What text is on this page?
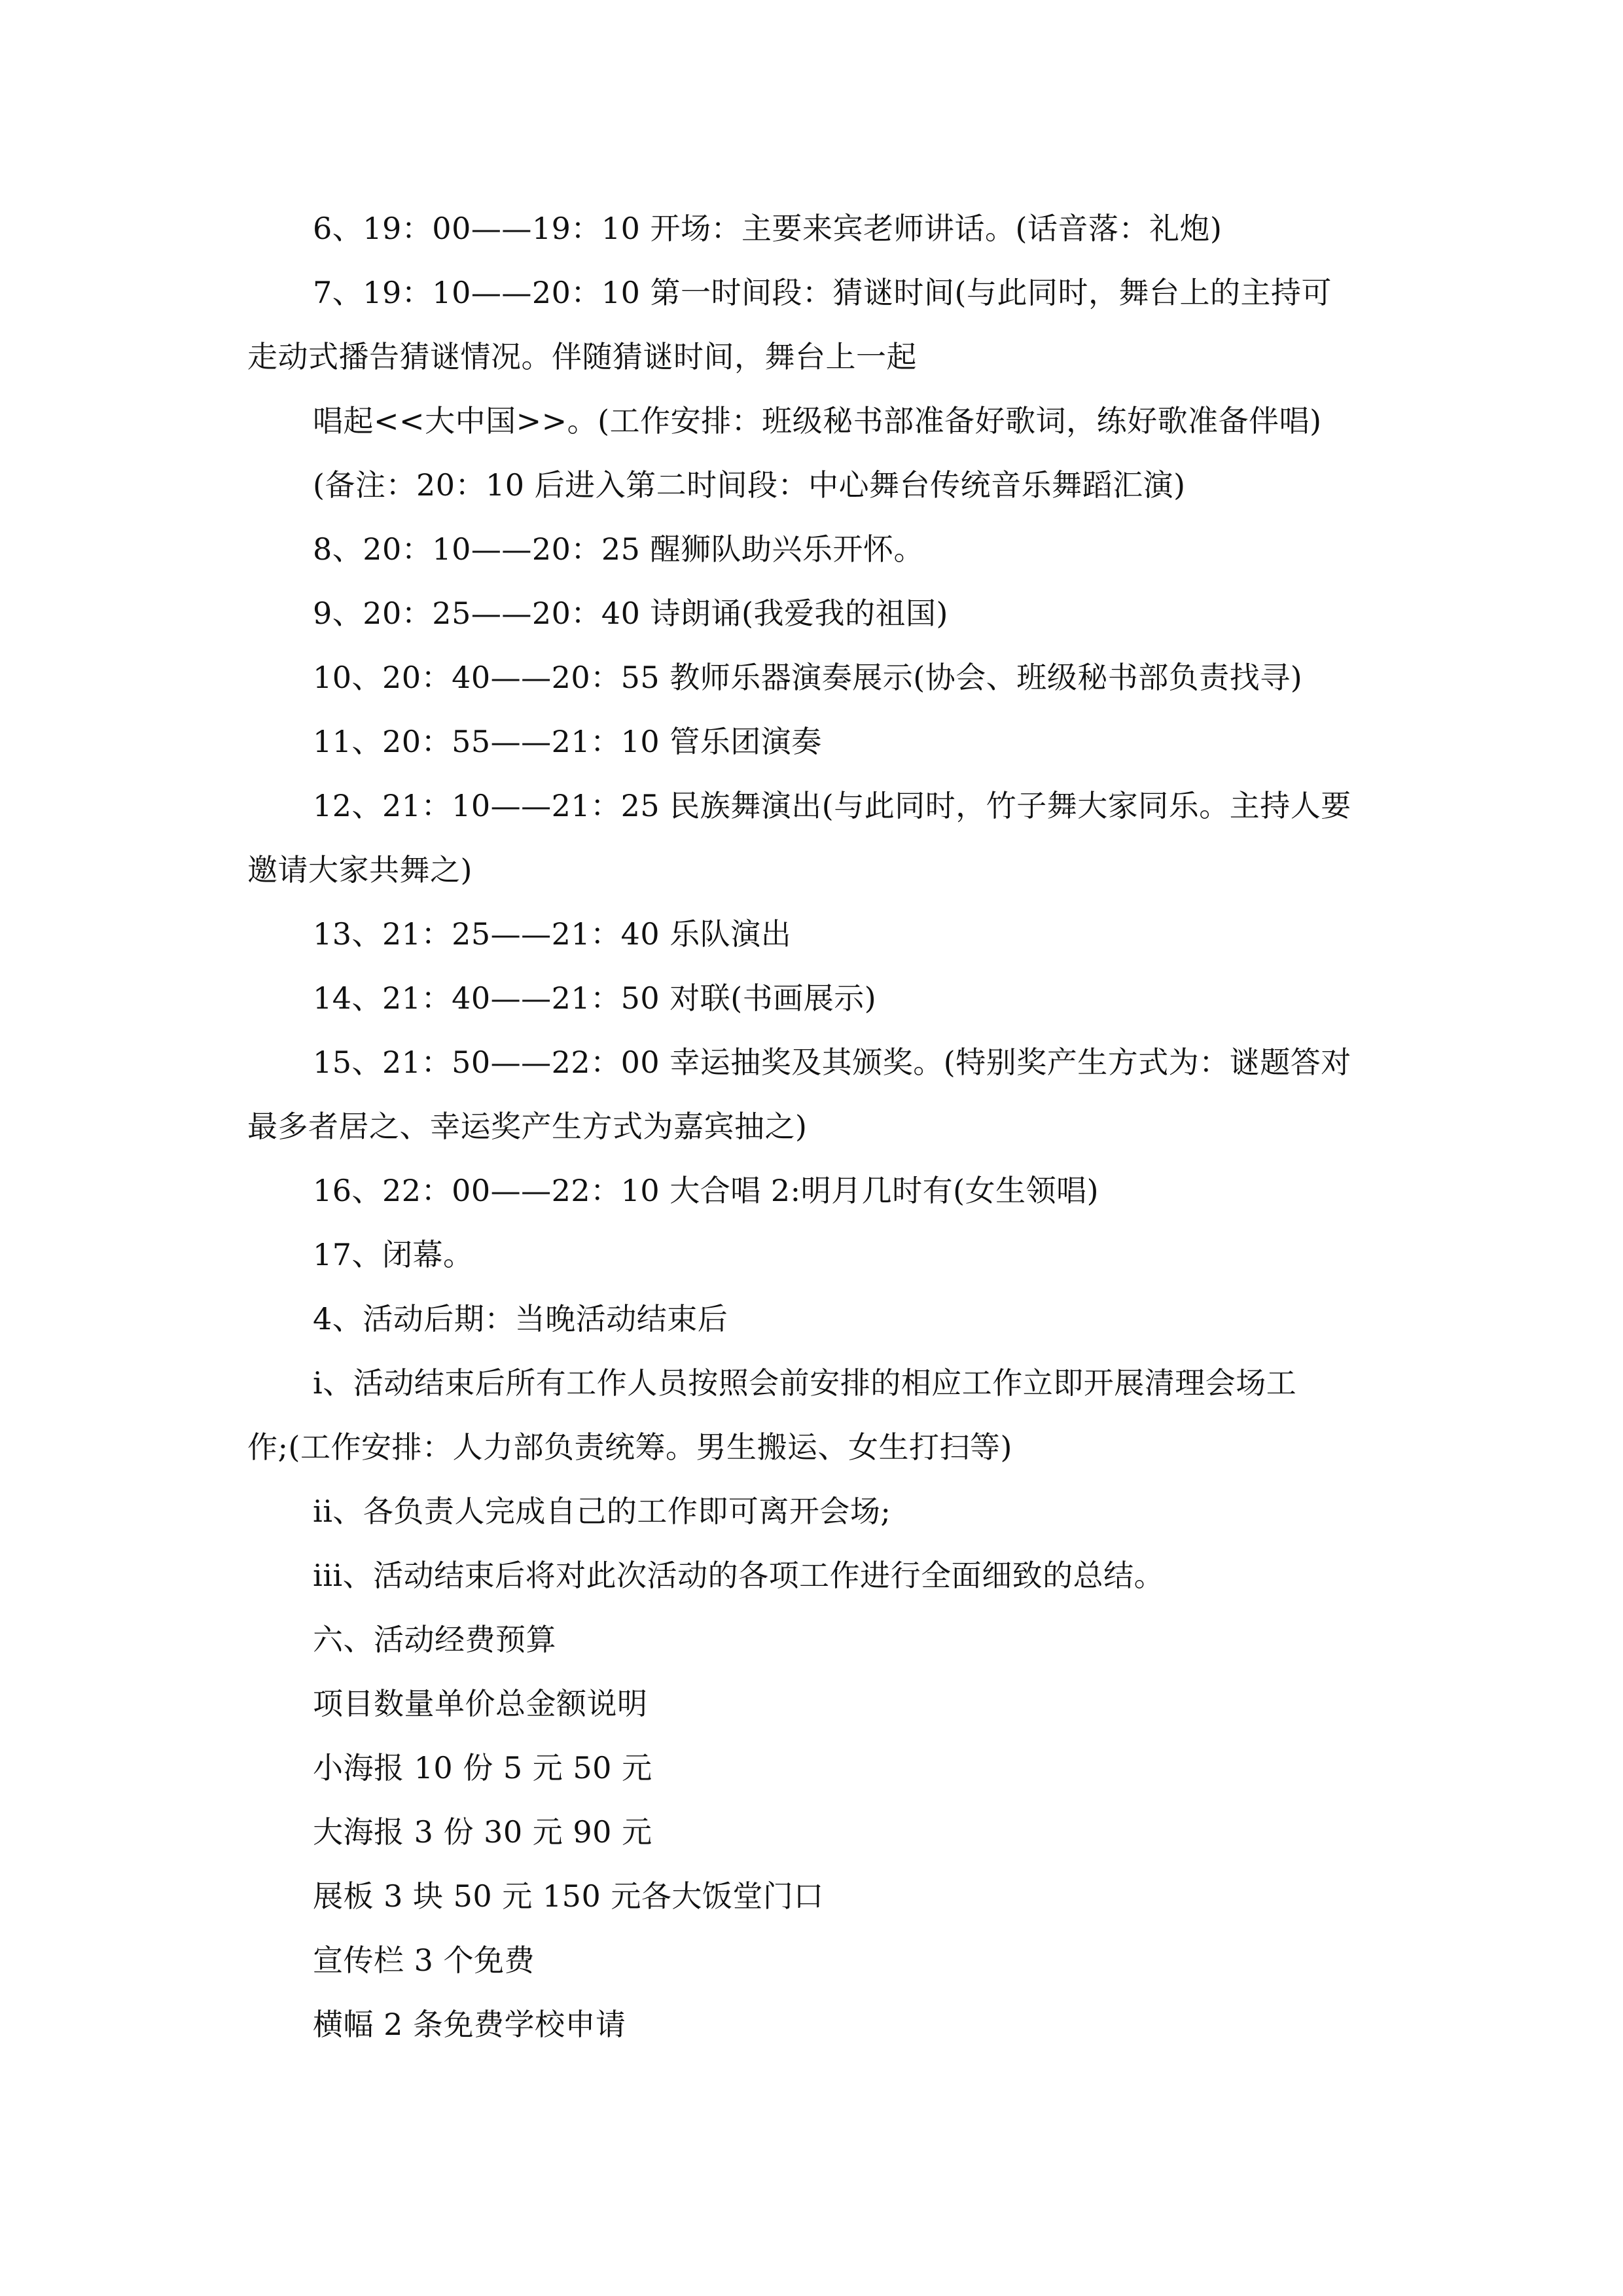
6、19：00——19：10 开场：主要来宾老师讲话。(话音落：礼炮)
7、19：10——20：10 第一时间段：猜谜时间(与此同时，舞台上的主持可
走动式播告猜谜情况。伴随猜谜时间，舞台上一起
唱起<<大中国>>。(工作安排：班级秘书部准备好歌词，练好歌准备伴唱)
(备注：20：10 后进入第二时间段：中心舞台传统音乐舞蹈汇演)
8、20：10——20：25 醒狮队助兴乐开怀。
9、20：25——20：40 诗朗诵(我爱我的祖国)
10、20：40——20：55 教师乐器演奏展示(协会、班级秘书部负责找寻)
11、20：55——21：10 管乐团演奏
12、21：10——21：25 民族舞演出(与此同时，竹子舞大家同乐。主持人要
邀请大家共舞之)
13、21：25——21：40 乐队演出
14、21：40——21：50 对联(书画展示)
15、21：50——22：00 幸运抽奖及其颁奖。(特别奖产生方式为：谜题答对
最多者居之、幸运奖产生方式为嘉宾抽之)
16、22：00——22：10 大合唱 2:明月几时有(女生领唱)
17、闭幕。
4、活动后期：当晚活动结束后
i、活动结束后所有工作人员按照会前安排的相应工作立即开展清理会场工
作;(工作安排：人力部负责统筹。男生搬运、女生打扫等)
ii、各负责人完成自己的工作即可离开会场;
iii、活动结束后将对此次活动的各项工作进行全面细致的总结。
六、活动经费预算
项目数量单价总金额说明
小海报 10 份 5 元 50 元
大海报 3 份 30 元 90 元
展板 3 块 50 元 150 元各大饭堂门口
宣传栏 3 个免费
横幅 2 条免费学校申请
